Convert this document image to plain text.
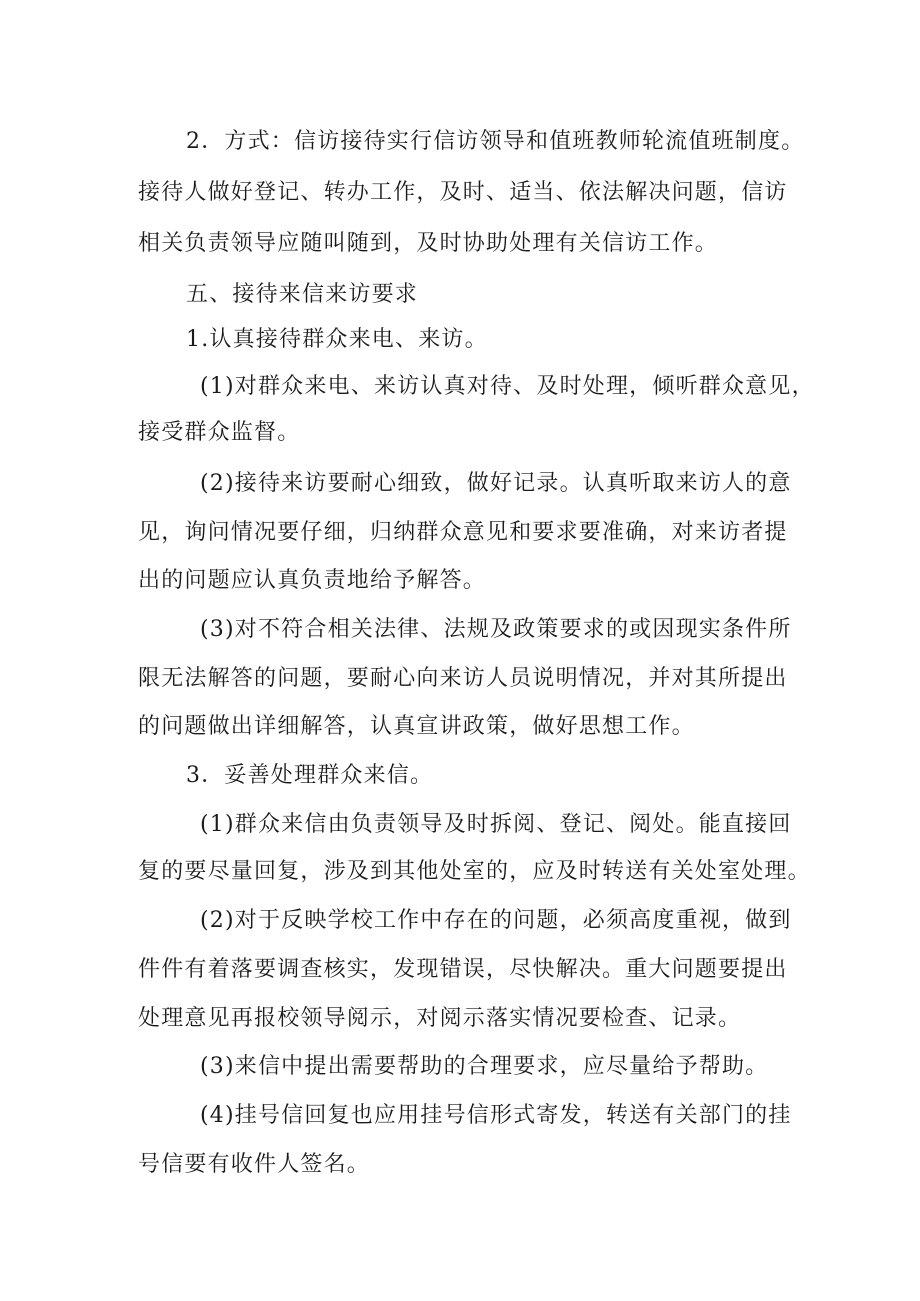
2．方式：信访接待实行信访领导和值班教师轮流值班制度。
接待人做好登记、转办工作，及时、适当、依法解决问题，信访
相关负责领导应随叫随到，及时协助处理有关信访工作。
五、接待来信来访要求
1.认真接待群众来电、来访。
(1)对群众来电、来访认真对待、及时处理，倾听群众意见，
接受群众监督。
(2)接待来访要耐心细致，做好记录。认真听取来访人的意
见，询问情况要仔细，归纳群众意见和要求要准确，对来访者提
出的问题应认真负责地给予解答。
(3)对不符合相关法律、法规及政策要求的或因现实条件所
限无法解答的问题，要耐心向来访人员说明情况，并对其所提出
的问题做出详细解答，认真宣讲政策，做好思想工作。
3．妥善处理群众来信。
(1)群众来信由负责领导及时拆阅、登记、阅处。能直接回
复的要尽量回复，涉及到其他处室的，应及时转送有关处室处理。
(2)对于反映学校工作中存在的问题，必须高度重视，做到
件件有着落要调查核实，发现错误，尽快解决。重大问题要提出
处理意见再报校领导阅示，对阅示落实情况要检查、记录。
(3)来信中提出需要帮助的合理要求，应尽量给予帮助。
(4)挂号信回复也应用挂号信形式寄发，转送有关部门的挂
号信要有收件人签名。
